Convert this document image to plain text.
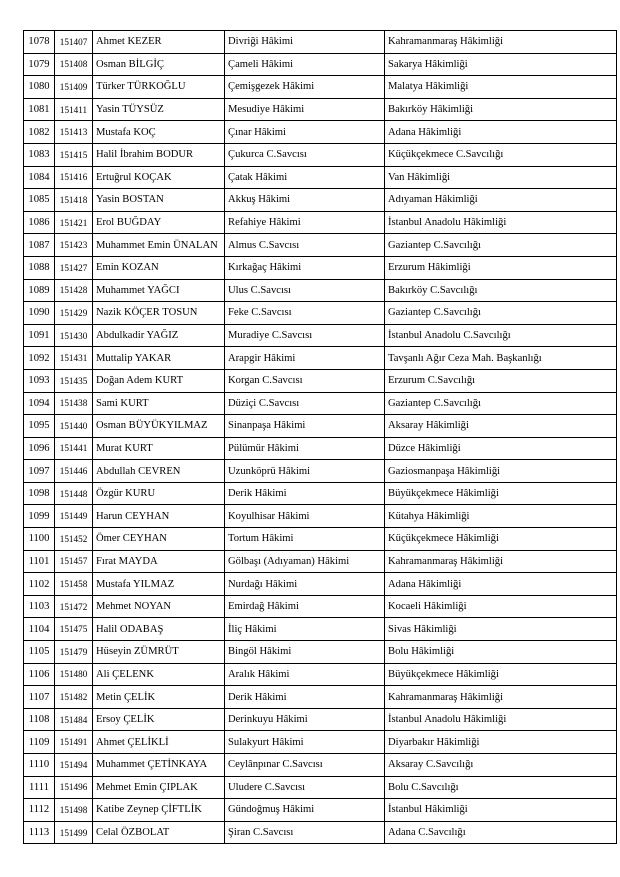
1078	151407	Ahmet KEZER	Divriği Hâkimi	Kahramanmaraş Hâkimliği
1079	151408	Osman BİLGİÇ	Çameli Hâkimi	Sakarya Hâkimliği
1080	151409	Türker TÜRKOĞLU	Çemişgezek Hâkimi	Malatya Hâkimliği
1081	151411	Yasin TÜYSÜZ	Mesudiye Hâkimi	Bakırköy Hâkimliği
1082	151413	Mustafa KOÇ	Çınar Hâkimi	Adana Hâkimliği
1083	151415	Halil İbrahim BODUR	Çukurca C.Savcısı	Küçükçekmece C.Savcılığı
1084	151416	Ertuğrul KOÇAK	Çatak Hâkimi	Van Hâkimliği
1085	151418	Yasin BOSTAN	Akkuş Hâkimi	Adıyaman Hâkimliği
1086	151421	Erol BUĞDAY	Refahiye Hâkimi	İstanbul Anadolu Hâkimliği
1087	151423	Muhammet Emin ÜNALAN	Almus C.Savcısı	Gaziantep C.Savcılığı
1088	151427	Emin KOZAN	Kırkağaç Hâkimi	Erzurum Hâkimliği
1089	151428	Muhammet YAĞCI	Ulus C.Savcısı	Bakırköy C.Savcılığı
1090	151429	Nazik KÖÇER TOSUN	Feke C.Savcısı	Gaziantep C.Savcılığı
1091	151430	Abdulkadir YAĞIZ	Muradiye C.Savcısı	İstanbul Anadolu C.Savcılığı
1092	151431	Muttalip YAKAR	Arapgir Hâkimi	Tavşanlı Ağır Ceza Mah. Başkanlığı
1093	151435	Doğan Adem KURT	Korgan C.Savcısı	Erzurum C.Savcılığı
1094	151438	Sami KURT	Düziçi C.Savcısı	Gaziantep C.Savcılığı
1095	151440	Osman BÜYÜKYILMAZ	Sinanpaşa Hâkimi	Aksaray Hâkimliği
1096	151441	Murat KURT	Pülümür Hâkimi	Düzce Hâkimliği
1097	151446	Abdullah CEVREN	Uzunköprü Hâkimi	Gaziosmanpaşa Hâkimliği
1098	151448	Özgür KURU	Derik Hâkimi	Büyükçekmece Hâkimliği
1099	151449	Harun CEYHAN	Koyulhisar Hâkimi	Kütahya Hâkimliği
1100	151452	Ömer CEYHAN	Tortum Hâkimi	Küçükçekmece Hâkimliği
1101	151457	Fırat MAYDA	Gölbaşı (Adıyaman) Hâkimi	Kahramanmaraş Hâkimliği
1102	151458	Mustafa YILMAZ	Nurdağı Hâkimi	Adana Hâkimliği
1103	151472	Mehmet NOYAN	Emirdağ Hâkimi	Kocaeli Hâkimliği
1104	151475	Halil ODABAŞ	İliç Hâkimi	Sivas Hâkimliği
1105	151479	Hüseyin ZÜMRÜT	Bingöl Hâkimi	Bolu Hâkimliği
1106	151480	Ali ÇELENK	Aralık Hâkimi	Büyükçekmece Hâkimliği
1107	151482	Metin ÇELİK	Derik Hâkimi	Kahramanmaraş Hâkimliği
1108	151484	Ersoy ÇELİK	Derinkuyu Hâkimi	İstanbul Anadolu Hâkimliği
1109	151491	Ahmet ÇELİKLİ	Sulakyurt Hâkimi	Diyarbakır Hâkimliği
1110	151494	Muhammet ÇETİNKAYA	Ceylânpınar C.Savcısı	Aksaray C.Savcılığı
1111	151496	Mehmet Emin ÇIPLAK	Uludere C.Savcısı	Bolu C.Savcılığı
1112	151498	Katibe Zeynep ÇİFTLİK	Gündoğmuş Hâkimi	İstanbul Hâkimliği
1113	151499	Celal ÖZBOLAT	Şiran C.Savcısı	Adana C.Savcılığı
